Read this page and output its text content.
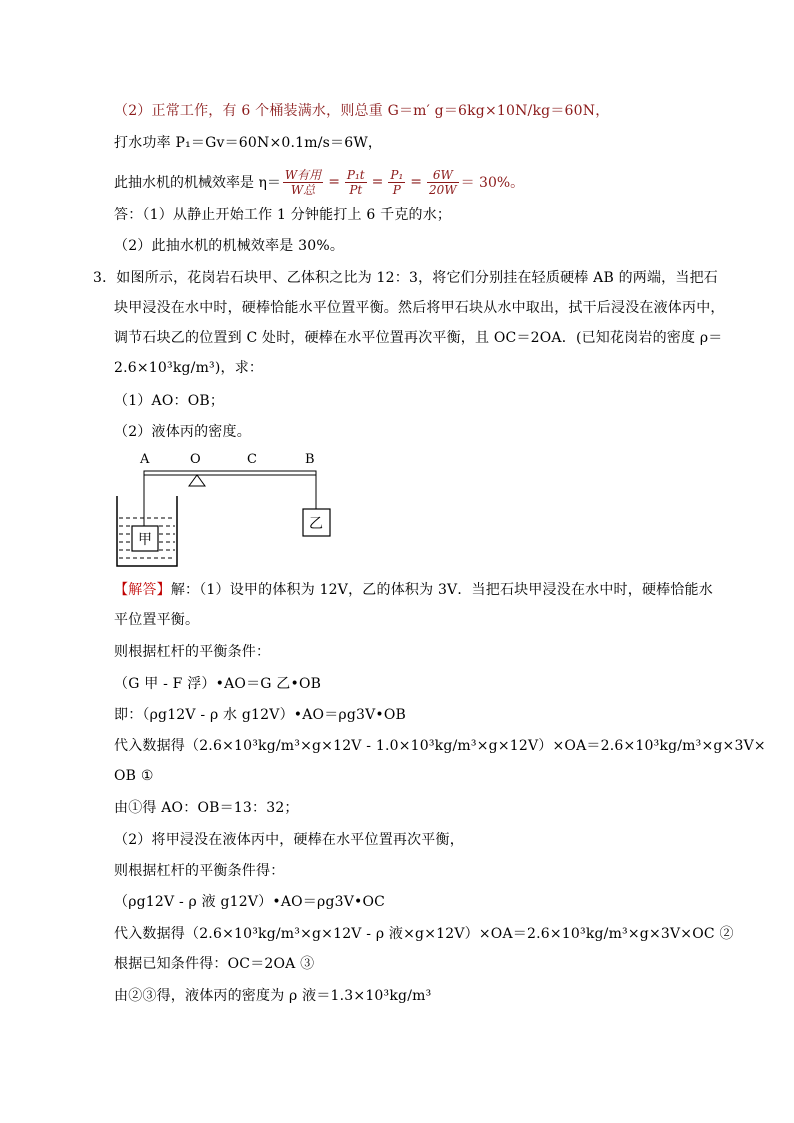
（2）正常工作，有 6 个桶装满水，则总重 G＝m′ g＝6kg×10N/kg＝60N，
打水功率 P₁＝Gv＝60N×0.1m/s＝6W，
此抽水机的机械效率是 $\eta= \frac{\text{W有用}}{\text{W总}} = \frac{\text{P₁t}}{Pt} = \frac{\text{P₁}}{P} = \frac{6W}{20W} = 30\%$。
答：（1）从静止开始工作 1 分钟能打上 6 千克的水；
（2）此抽水机的机械效率是 30%。
3．如图所示，花岗岩石块甲、乙体积之比为 12：3，将它们分别挂在轻质硬棒 AB 的两端，当把石
块甲浸没在水中时，硬棒恰能水平位置平衡。然后将甲石块从水中取出，拭干后浸没在液体丙中，
调节石块乙的位置到 C 处时，硬棒在水平位置再次平衡，且 OC＝2OA．(已知花岗岩的密度 ρ＝
2.6×10³kg/m³)，求：
（1）AO：OB；
（2）液体丙的密度。
A	O	C	B
乙
甲
【解答】解：（1）设甲的体积为 12V，乙的体积为 3V．当把石块甲浸没在水中时，硬棒恰能水
平位置平衡。
则根据杠杆的平衡条件：
（G 甲 - F 浮）•AO＝G 乙•OB
即：（ρg12V - ρ 水 g12V）•AO＝ρg3V•OB
代入数据得（2.6×10³kg/m³×g×12V - 1.0×10³kg/m³×g×12V）×OA＝2.6×10³kg/m³×g×3V×
OB ①
由①得 AO：OB＝13：32；
（2）将甲浸没在液体丙中，硬棒在水平位置再次平衡，
则根据杠杆的平衡条件得：
（ρg12V - ρ 液 g12V）•AO＝ρg3V•OC
代入数据得（2.6×10³kg/m³×g×12V - ρ 液×g×12V）×OA＝2.6×10³kg/m³×g×3V×OC ②
根据已知条件得：OC＝2OA ③
由②③得，液体丙的密度为 ρ 液＝1.3×10³kg/m³
